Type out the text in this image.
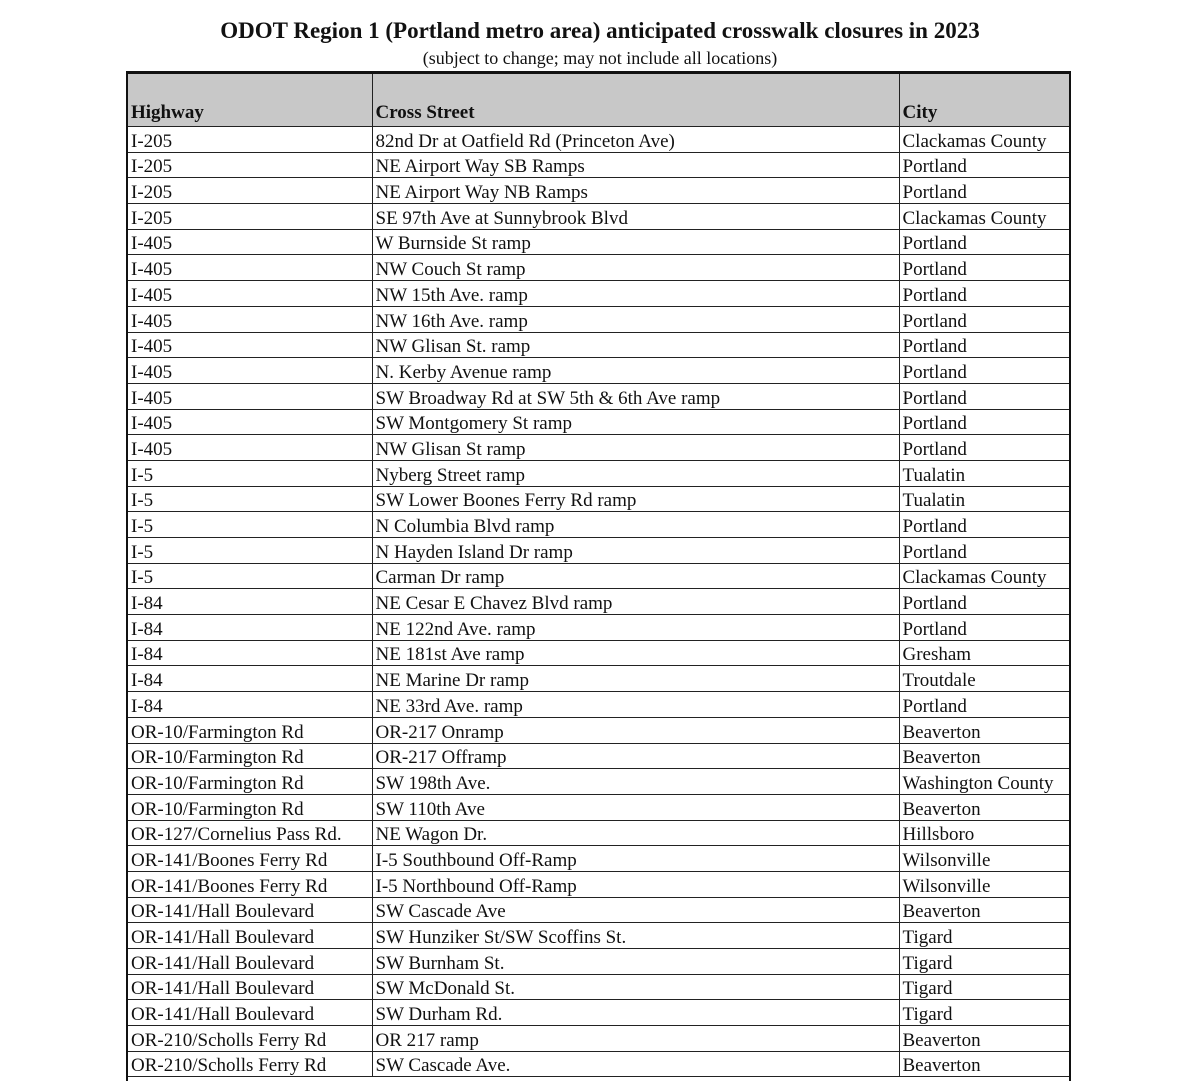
ODOT Region 1 (Portland metro area) anticipated crosswalk closures in 2023
(subject to change; may not include all locations)
Highway	Cross Street	City
I-205	82nd Dr at Oatfield Rd (Princeton Ave)	Clackamas County
I-205	NE Airport Way SB Ramps	Portland
I-205	NE Airport Way NB Ramps	Portland
I-205	SE 97th Ave at Sunnybrook Blvd	Clackamas County
I-405	W Burnside St ramp	Portland
I-405	NW Couch St ramp	Portland
I-405	NW 15th Ave. ramp	Portland
I-405	NW 16th Ave. ramp	Portland
I-405	NW Glisan St. ramp	Portland
I-405	N. Kerby Avenue ramp	Portland
I-405	SW Broadway Rd at SW 5th & 6th Ave ramp	Portland
I-405	SW Montgomery St ramp	Portland
I-405	NW Glisan St ramp	Portland
I-5	Nyberg Street ramp	Tualatin
I-5	SW Lower Boones Ferry Rd ramp	Tualatin
I-5	N Columbia Blvd ramp	Portland
I-5	N Hayden Island Dr ramp	Portland
I-5	Carman Dr ramp	Clackamas County
I-84	NE Cesar E Chavez Blvd ramp	Portland
I-84	NE 122nd Ave. ramp	Portland
I-84	NE 181st Ave ramp	Gresham
I-84	NE Marine Dr ramp	Troutdale
I-84	NE 33rd Ave. ramp	Portland
OR-10/Farmington Rd	OR-217 Onramp	Beaverton
OR-10/Farmington Rd	OR-217 Offramp	Beaverton
OR-10/Farmington Rd	SW 198th Ave.	Washington County
OR-10/Farmington Rd	SW 110th Ave	Beaverton
OR-127/Cornelius Pass Rd.	NE Wagon Dr.	Hillsboro
OR-141/Boones Ferry Rd	I-5 Southbound Off-Ramp	Wilsonville
OR-141/Boones Ferry Rd	I-5 Northbound Off-Ramp	Wilsonville
OR-141/Hall Boulevard	SW Cascade Ave	Beaverton
OR-141/Hall Boulevard	SW Hunziker St/SW Scoffins St.	Tigard
OR-141/Hall Boulevard	SW Burnham St.	Tigard
OR-141/Hall Boulevard	SW McDonald St.	Tigard
OR-141/Hall Boulevard	SW Durham Rd.	Tigard
OR-210/Scholls Ferry Rd	OR 217 ramp	Beaverton
OR-210/Scholls Ferry Rd	SW Cascade Ave.	Beaverton
